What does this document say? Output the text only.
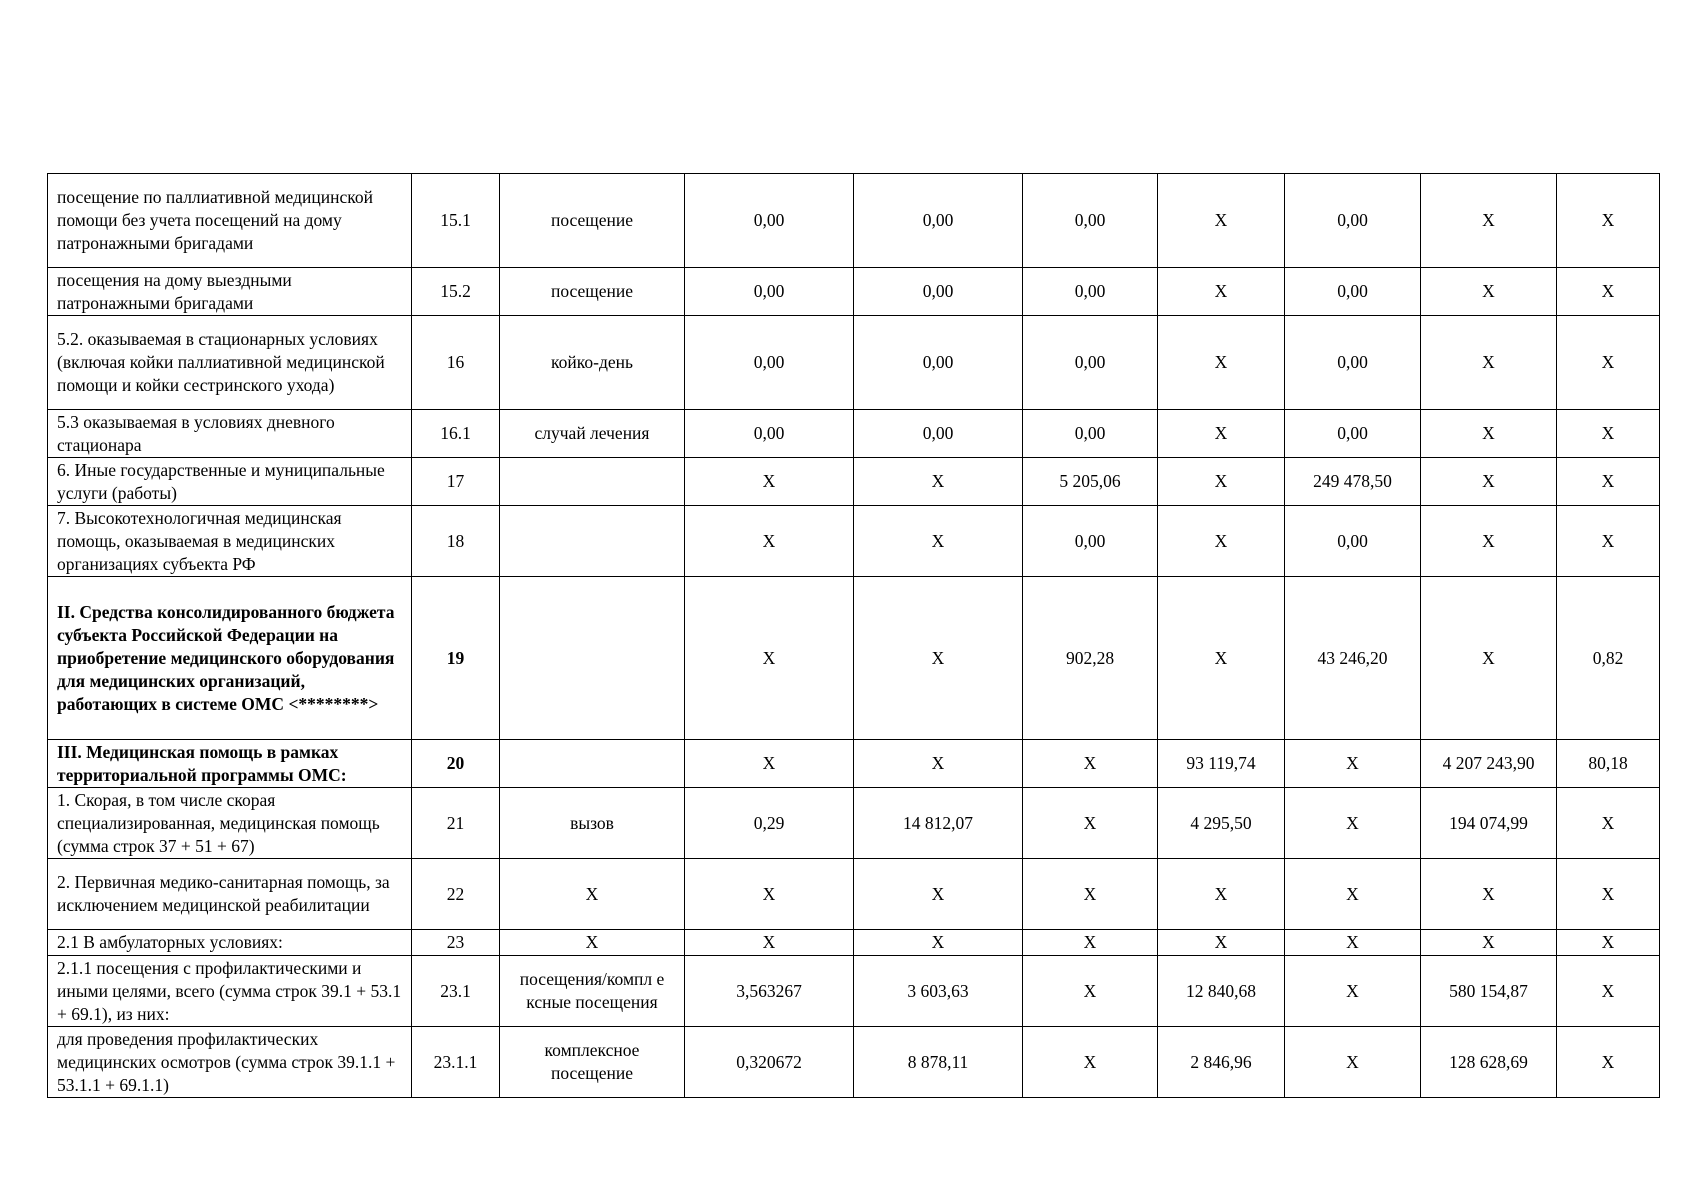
посещение по паллиативной медицинской помощи без учета посещений на дому патронажными бригадами	15.1	посещение	0,00	0,00	0,00	X	0,00	X	X
посещения на дому выездными патронажными бригадами	15.2	посещение	0,00	0,00	0,00	X	0,00	X	X
5.2. оказываемая в стационарных условиях (включая койки паллиативной медицинской помощи и койки сестринского ухода)	16	койко-день	0,00	0,00	0,00	X	0,00	X	X
5.3 оказываемая в условиях дневного стационара	16.1	случай лечения	0,00	0,00	0,00	X	0,00	X	X
6. Иные государственные и муниципальные услуги (работы)	17		X	X	5 205,06	X	249 478,50	X	X
7. Высокотехнологичная медицинская помощь, оказываемая в медицинских организациях субъекта РФ	18		X	X	0,00	X	0,00	X	X
II. Средства консолидированного бюджета субъекта Российской Федерации на приобретение медицинского оборудования для медицинских организаций, работающих в системе ОМС <********>	19		X	X	902,28	X	43 246,20	X	0,82
III. Медицинская помощь в рамках территориальной программы ОМС:	20		X	X	X	93 119,74	X	4 207 243,90	80,18
1. Скорая, в том числе скорая специализированная, медицинская помощь (сумма строк 37 + 51 + 67)	21	вызов	0,29	14 812,07	X	4 295,50	X	194 074,99	X
2. Первичная медико-санитарная помощь, за исключением медицинской реабилитации	22	X	X	X	X	X	X	X	X
2.1 В амбулаторных условиях:	23	X	X	X	X	X	X	X	X
2.1.1 посещения с профилактическими и иными целями, всего (сумма строк 39.1 + 53.1 + 69.1), из них:	23.1	посещения/компл е ксные посещения	3,563267	3 603,63	X	12 840,68	X	580 154,87	X
для проведения профилактических медицинских осмотров (сумма строк 39.1.1 + 53.1.1 + 69.1.1)	23.1.1	комплексное посещение	0,320672	8 878,11	X	2 846,96	X	128 628,69	X
